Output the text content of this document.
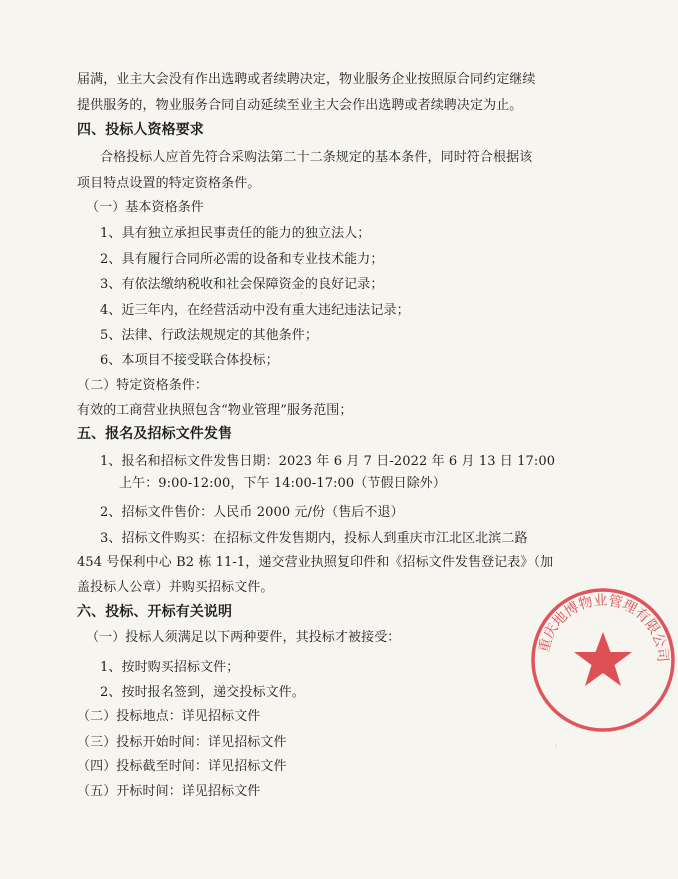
届满，业主大会没有作出选聘或者续聘决定，物业服务企业按照原合同约定继续

提供服务的，物业服务合同自动延续至业主大会作出选聘或者续聘决定为止。

四、投标人资格要求

合格投标人应首先符合采购法第二十二条规定的基本条件，同时符合根据该

项目特点设置的特定资格条件。

（一）基本资格条件

1、具有独立承担民事责任的能力的独立法人；

2、具有履行合同所必需的设备和专业技术能力；

3、有依法缴纳税收和社会保障资金的良好记录；

4、近三年内，在经营活动中没有重大违纪违法记录；

5、法律、行政法规规定的其他条件；

6、本项目不接受联合体投标；

（二）特定资格条件：

有效的工商营业执照包含“物业管理”服务范围；

五、报名及招标文件发售

1、报名和招标文件发售日期：2023 年 6 月 7 日-2022 年 6 月 13 日 17:00

上午：9:00-12:00，下午 14:00-17:00（节假日除外）

2、招标文件售价：人民币 2000 元/份（售后不退）

3、招标文件购买：在招标文件发售期内，投标人到重庆市江北区北滨二路

454 号保利中心 B2 栋 11-1，递交营业执照复印件和《招标文件发售登记表》（加

盖投标人公章）并购买招标文件。

六、投标、开标有关说明

（一）投标人须满足以下两种要件，其投标才被接受：

1、按时购买招标文件；

2、按时报名签到，递交投标文件。

（二）投标地点：详见招标文件

（三）投标开始时间：详见招标文件

（四）投标截至时间：详见招标文件

（五）开标时间：详见招标文件

重庆地博物业管理有限公司
